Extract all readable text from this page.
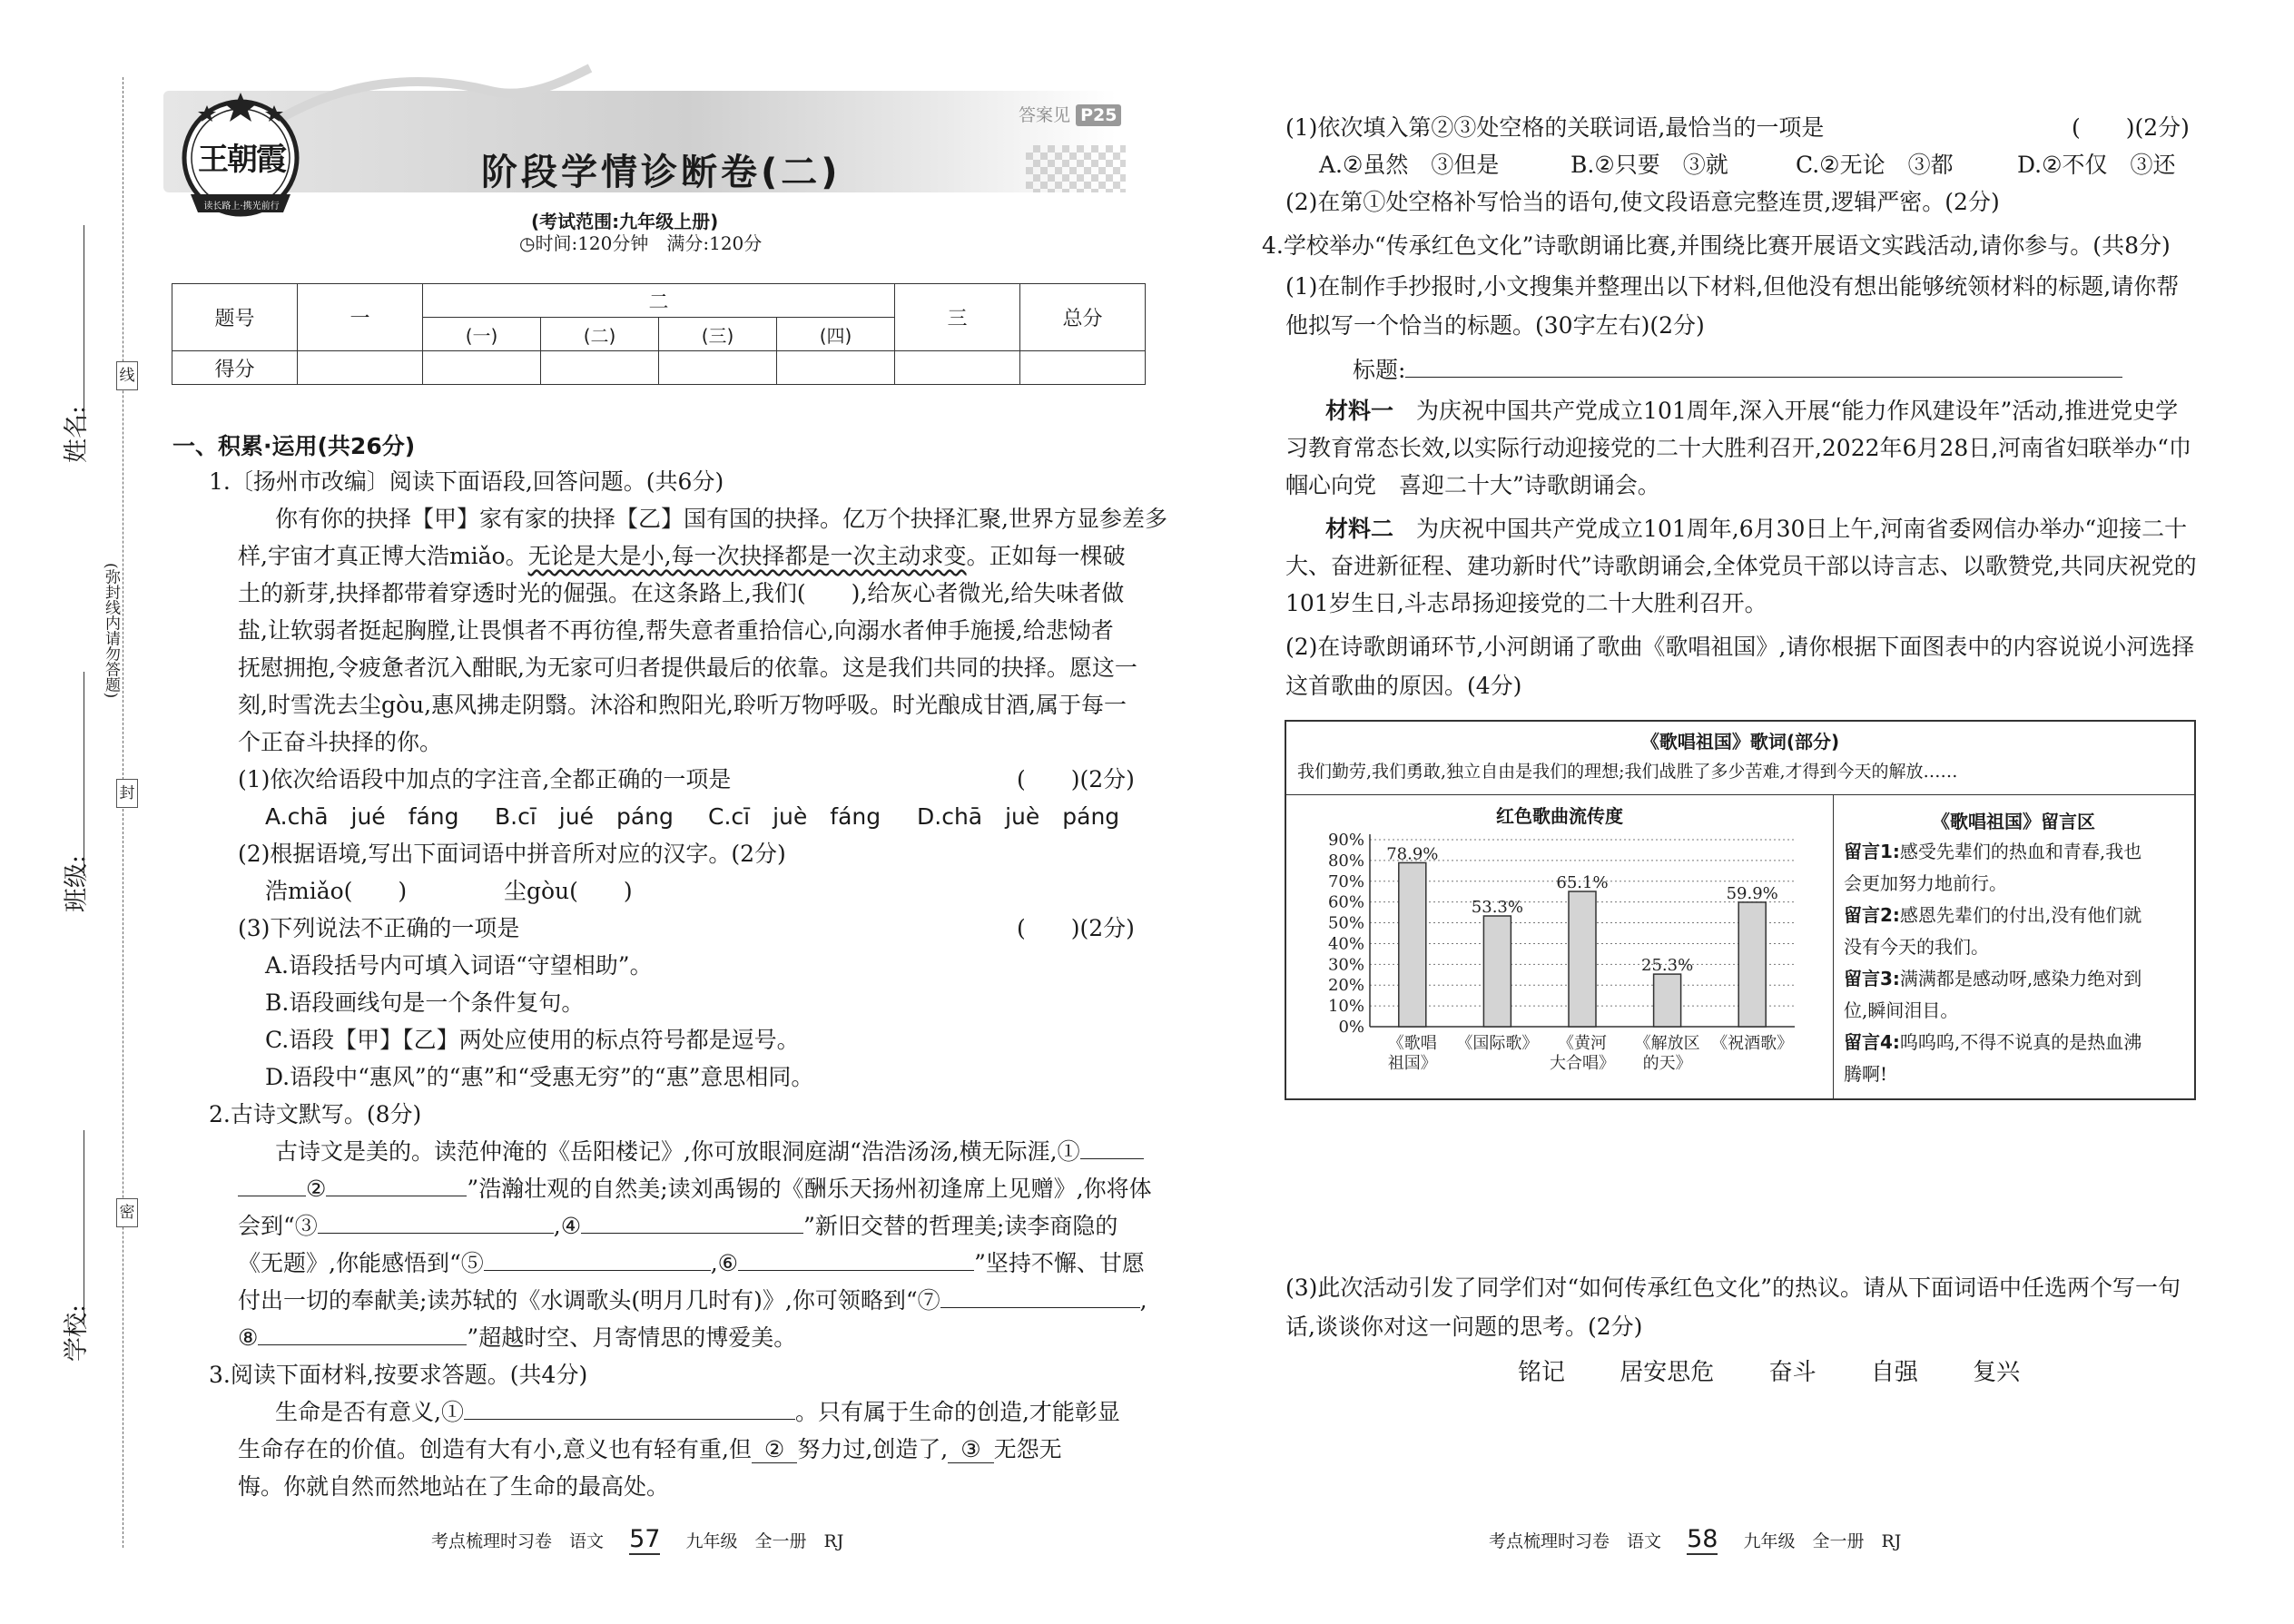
线
封
密
(弥封线内请勿答题)
姓名:
班级:
学校:
王朝霞
读长路上·携光前行
答案见 P25
阶段学情诊断卷(二)
(考试范围:九年级上册)
◷时间:120分钟　满分:120分
题号	一	二				三	总分
		(一)	(二)	(三)	(四)		
得分							
一、积累·运用(共26分)
1.〔扬州市改编〕阅读下面语段,回答问题。(共6分)
你有你的抉择【甲】家有家的抉择【乙】国有国的抉择。亿万个抉择汇聚,世界方显参差多
样,宇宙才真正博大浩miǎo。无论是大是小,每一次抉择都是一次主动求变。正如每一棵破
土的新芽,抉择都带着穿透时光的倔强。在这条路上,我们(　　),给灰心者微光,给失味者做
盐,让软弱者挺起胸膛,让畏惧者不再彷徨,帮失意者重拾信心,向溺水者伸手施援,给悲恸者
抚慰拥抱,令疲惫者沉入酣眠,为无家可归者提供最后的依靠。这是我们共同的抉择。愿这一
刻,时雪洗去尘gòu,惠风拂走阴翳。沐浴和煦阳光,聆听万物呼吸。时光酿成甘酒,属于每一
个正奋斗抉择的你。
(1)依次给语段中加点的字注音,全都正确的一项是	(　　)(2分)
A.chā　jué　fáng B.cī　jué　páng C.cī　juè　fáng D.chā　juè　páng
(2)根据语境,写出下面词语中拼音所对应的汉字。(2分)
浩miǎo(　　)	尘gòu(　　)
(3)下列说法不正确的一项是	(　　)(2分)
A.语段括号内可填入词语“守望相助”。
B.语段画线句是一个条件复句。
C.语段【甲】【乙】两处应使用的标点符号都是逗号。
D.语段中“惠风”的“惠”和“受惠无穷”的“惠”意思相同。
2.古诗文默写。(8分)
古诗文是美的。读范仲淹的《岳阳楼记》,你可放眼洞庭湖“浩浩汤汤,横无际涯,①
②	”浩瀚壮观的自然美;读刘禹锡的《酬乐天扬州初逢席上见赠》,你将体
会到“③	,④	”新旧交替的哲理美;读李商隐的
《无题》,你能感悟到“⑤	,⑥	”坚持不懈、甘愿
付出一切的奉献美;读苏轼的《水调歌头(明月几时有)》,你可领略到“⑦	,
⑧	”超越时空、月寄情思的博爱美。
3.阅读下面材料,按要求答题。(共4分)
生命是否有意义,①	。只有属于生命的创造,才能彰显
生命存在的价值。创造有大有小,意义也有轻有重,但 ② 努力过,创造了, ③ 无怨无
悔。你就自然而然地站在了生命的最高处。
考点梳理时习卷　语文 57 九年级　全一册　RJ
(1)依次填入第②③处空格的关联词语,最恰当的一项是	(　　)(2分)
A.②虽然　③但是	B.②只要　③就	C.②无论　③都	D.②不仅　③还
(2)在第①处空格补写恰当的语句,使文段语意完整连贯,逻辑严密。(2分)
4.学校举办“传承红色文化”诗歌朗诵比赛,并围绕比赛开展语文实践活动,请你参与。(共8分)
(1)在制作手抄报时,小文搜集并整理出以下材料,但他没有想出能够统领材料的标题,请你帮
他拟写一个恰当的标题。(30字左右)(2分)
标题:
材料一　 为庆祝中国共产党成立101周年,深入开展“能力作风建设年”活动,推进党史学
习教育常态长效,以实际行动迎接党的二十大胜利召开,2022年6月28日,河南省妇联举办“巾
帼心向党　喜迎二十大”诗歌朗诵会。
材料二　 为庆祝中国共产党成立101周年,6月30日上午,河南省委网信办举办“迎接二十
大、奋进新征程、建功新时代”诗歌朗诵会,全体党员干部以诗言志、以歌赞党,共同庆祝党的
101岁生日,斗志昂扬迎接党的二十大胜利召开。
(2)在诗歌朗诵环节,小河朗诵了歌曲《歌唱祖国》,请你根据下面图表中的内容说说小河选择
这首歌曲的原因。(4分)
《歌唱祖国》歌词(部分)
我们勤劳,我们勇敢,独立自由是我们的理想;我们战胜了多少苦难,才得到今天的解放……
红色歌曲流传度
0%
10%
20%
30%
40%
50%
60%
70%
80%
90%
78.9%
《歌唱
祖国》
53.3%
《国际歌》
65.1%
《黄河
大合唱》
25.3%
《解放区
的天》
59.9%
《祝酒歌》
《歌唱祖国》留言区
留言1:感受先辈们的热血和青春,我也
会更加努力地前行。
留言2:感恩先辈们的付出,没有他们就
没有今天的我们。
留言3:满满都是感动呀,感染力绝对到
位,瞬间泪目。
留言4:呜呜呜,不得不说真的是热血沸
腾啊!
(3)此次活动引发了同学们对“如何传承红色文化”的热议。请从下面词语中任选两个写一句
话,谈谈你对这一问题的思考。(2分)
铭记 居安思危 奋斗 自强 复兴
考点梳理时习卷　语文 58 九年级　全一册　RJ
